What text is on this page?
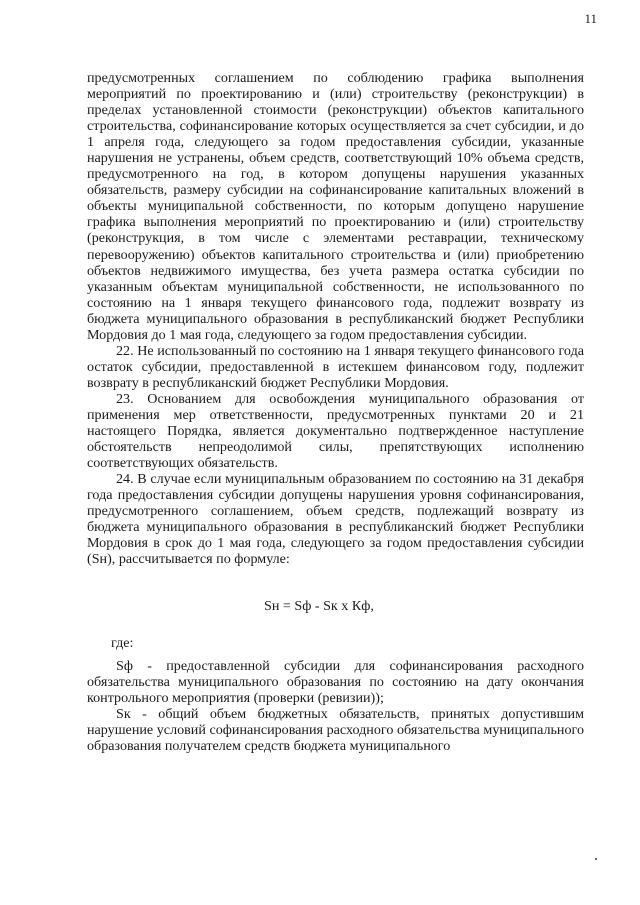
11

предусмотренных соглашением по соблюдению графика выполнения мероприятий по проектированию и (или) строительству (реконструкции) в пределах установленной стоимости (реконструкции) объектов капитального строительства, софинансирование которых осуществляется за счет субсидии, и до 1 апреля года, следующего за годом предоставления субсидии, указанные нарушения не устранены, объем средств, соответствующий 10% объема средств, предусмотренного на год, в котором допущены нарушения указанных обязательств, размеру субсидии на софинансирование капитальных вложений в объекты муниципальной собственности, по которым допущено нарушение графика выполнения мероприятий по проектированию и (или) строительству (реконструкция, в том числе с элементами реставрации, техническому перевооружению) объектов капитального строительства и (или) приобретению объектов недвижимого имущества, без учета размера остатка субсидии по указанным объектам муниципальной собственности, не использованного по состоянию на 1 января текущего финансового года, подлежит возврату из бюджета муниципального образования в республиканский бюджет Республики Мордовия до 1 мая года, следующего за годом предоставления субсидии.

22. Не использованный по состоянию на 1 января текущего финансового года остаток субсидии, предоставленной в истекшем финансовом году, подлежит возврату в республиканский бюджет Республики Мордовия.

23. Основанием для освобождения муниципального образования от применения мер ответственности, предусмотренных пунктами 20 и 21 настоящего Порядка, является документально подтвержденное наступление обстоятельств непреодолимой силы, препятствующих исполнению соответствующих обязательств.

24. В случае если муниципальным образованием по состоянию на 31 декабря года предоставления субсидии допущены нарушения уровня софинансирования, предусмотренного соглашением, объем средств, подлежащий возврату из бюджета муниципального образования в республиканский бюджет Республики Мордовия в срок до 1 мая года, следующего за годом предоставления субсидии (Sн), рассчитывается по формуле:

Sн = Sф - Sк х Кф,

где:

Sф - предоставленной субсидии для софинансирования расходного обязательства муниципального образования по состоянию на дату окончания контрольного мероприятия (проверки (ревизии));

Sк - общий объем бюджетных обязательств, принятых допустившим нарушение условий софинансирования расходного обязательства муниципального образования получателем средств бюджета муниципального
